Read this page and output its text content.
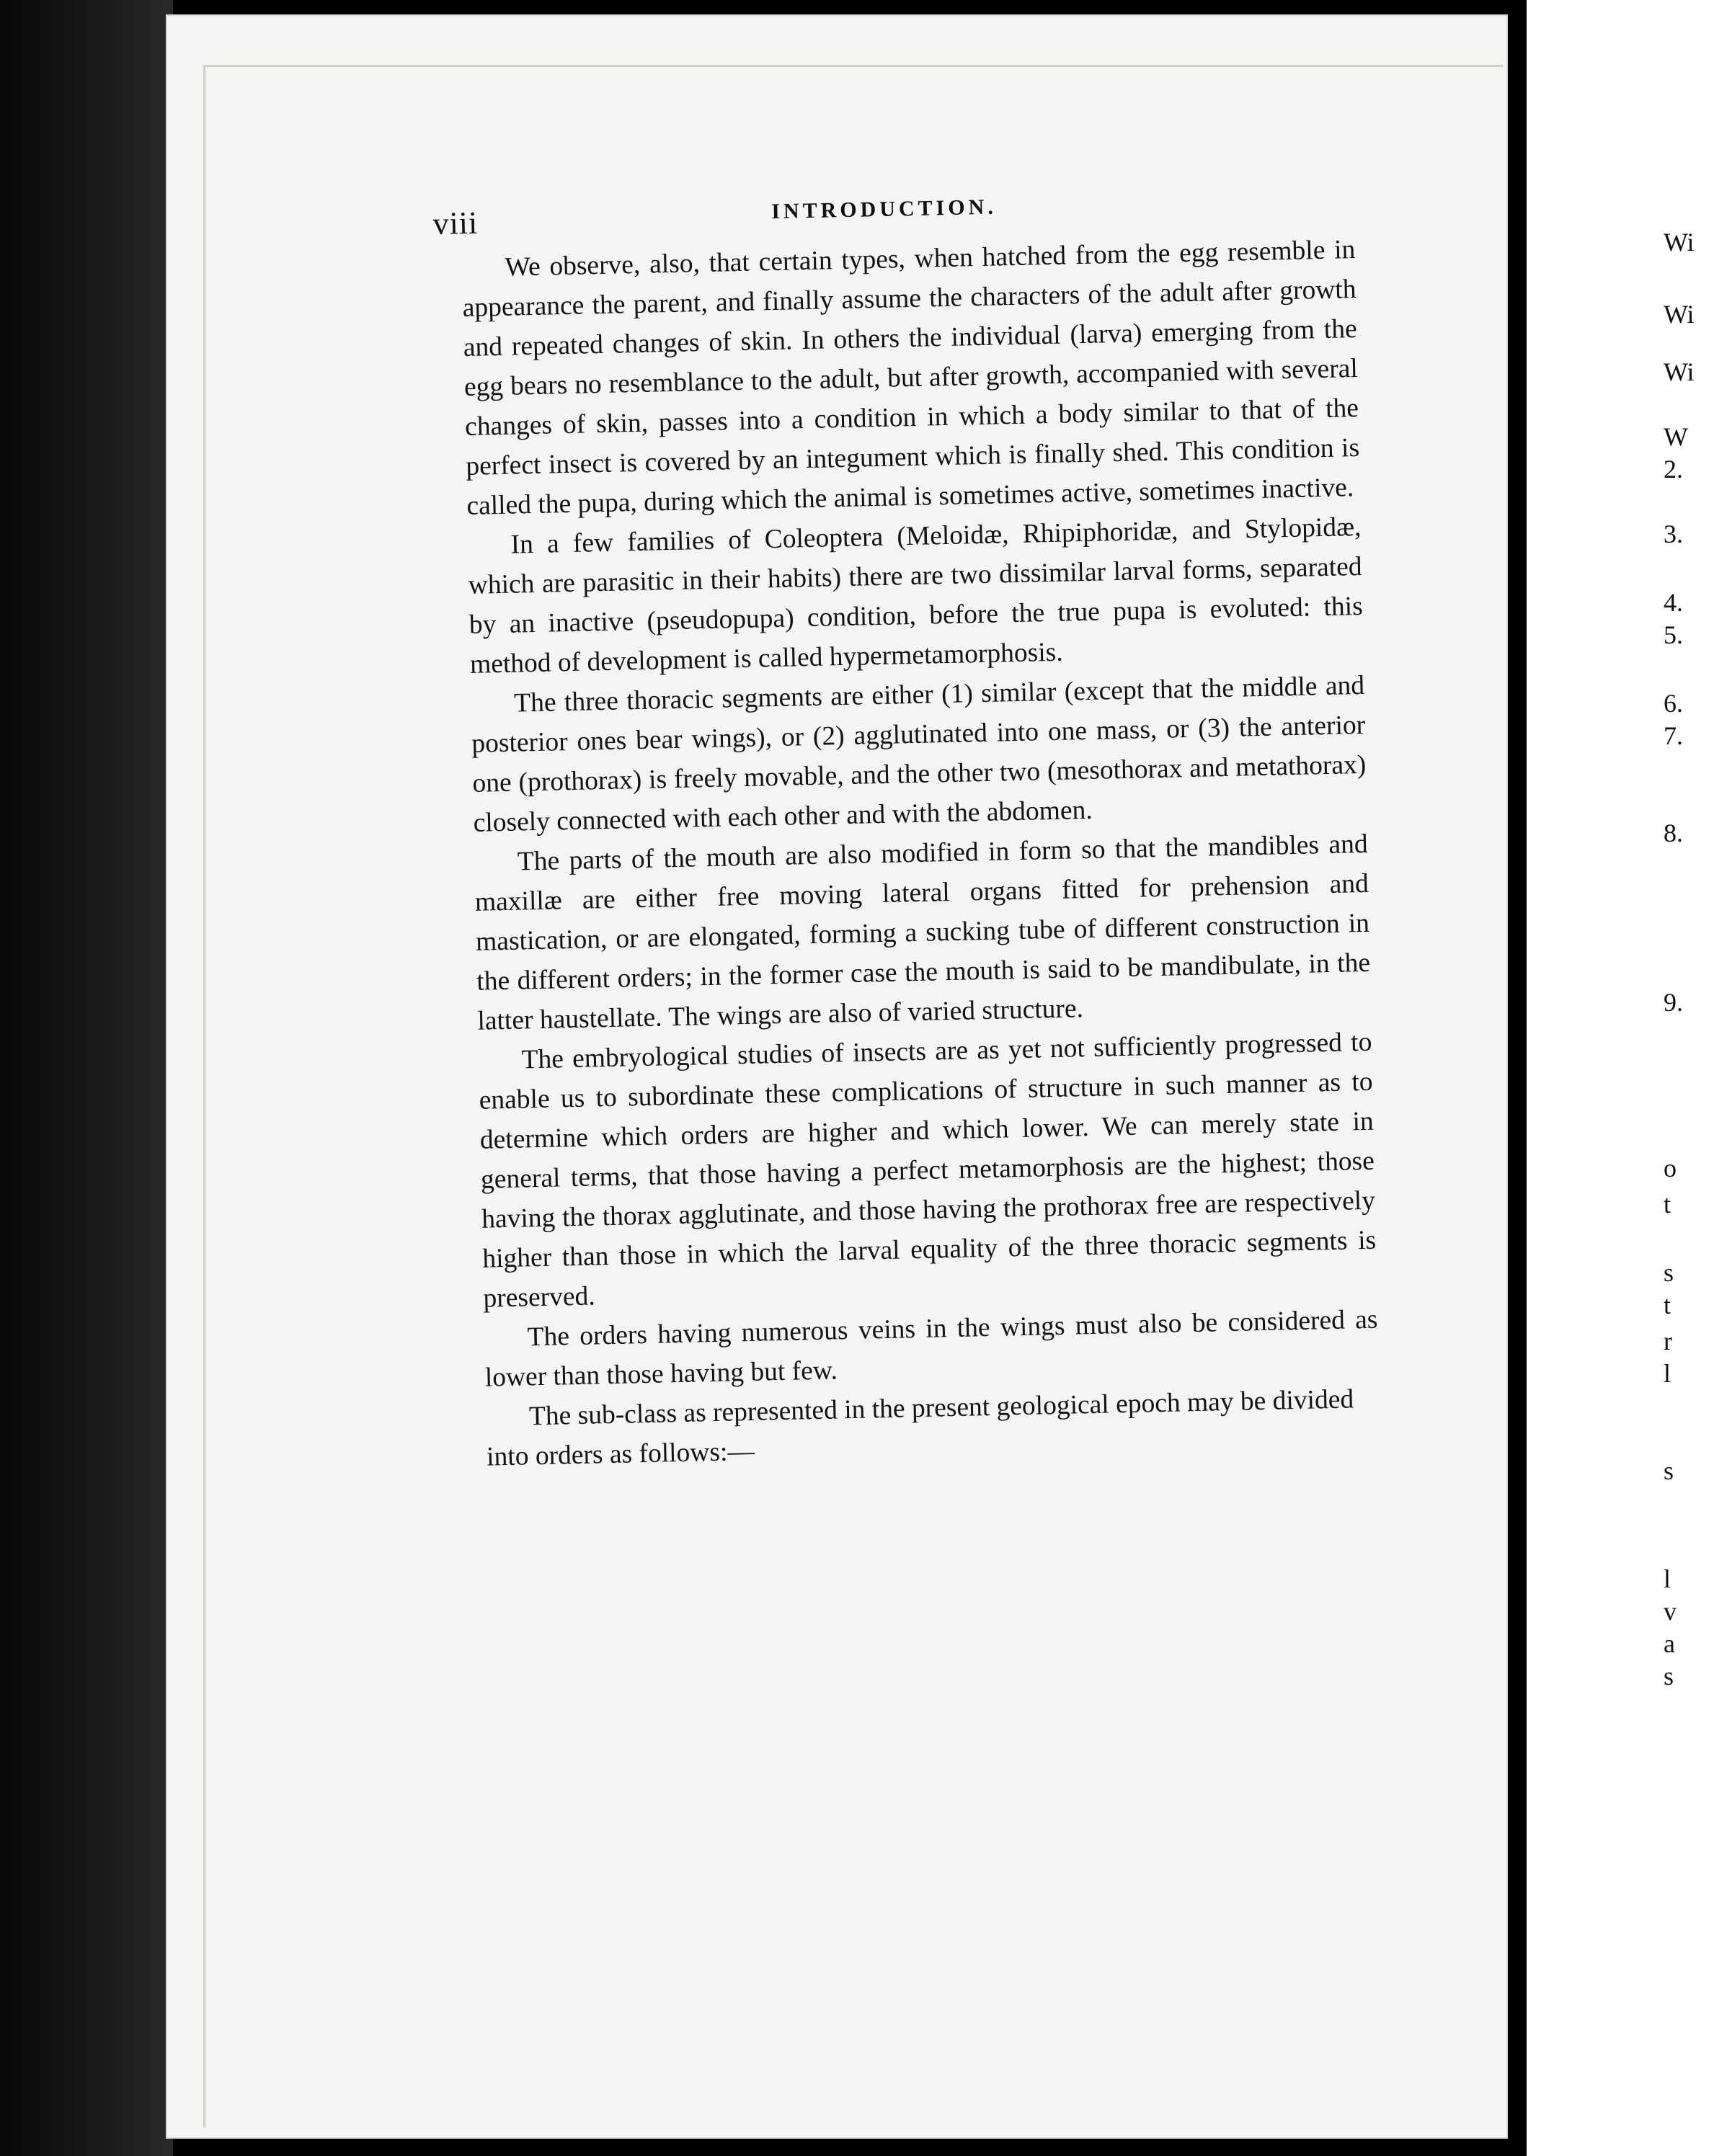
viii	INTRODUCTION.

We observe, also, that certain types, when hatched from the egg resemble in appearance the parent, and finally assume the characters of the adult after growth and repeated changes of skin. In others the individual (larva) emerging from the egg bears no resemblance to the adult, but after growth, accompanied with several changes of skin, passes into a condition in which a body similar to that of the perfect insect is covered by an integument which is finally shed. This condition is called the pupa, during which the animal is sometimes active, sometimes inactive.

In a few families of Coleoptera (Meloidæ, Rhipiphoridæ, and Stylopidæ, which are parasitic in their habits) there are two dissimilar larval forms, separated by an inactive (pseudopupa) condition, before the true pupa is evoluted: this method of development is called hypermetamorphosis.

The three thoracic segments are either (1) similar (except that the middle and posterior ones bear wings), or (2) agglutinated into one mass, or (3) the anterior one (prothorax) is freely movable, and the other two (mesothorax and metathorax) closely connected with each other and with the abdomen.

The parts of the mouth are also modified in form so that the mandibles and maxillæ are either free moving lateral organs fitted for prehension and mastication, or are elongated, forming a sucking tube of different construction in the different orders; in the former case the mouth is said to be mandibulate, in the latter haustellate. The wings are also of varied structure.

The embryological studies of insects are as yet not sufficiently progressed to enable us to subordinate these complications of structure in such manner as to determine which orders are higher and which lower. We can merely state in general terms, that those having a perfect metamorphosis are the highest; those having the thorax agglutinate, and those having the prothorax free are respectively higher than those in which the larval equality of the three thoracic segments is preserved.

The orders having numerous veins in the wings must also be considered as lower than those having but few.

The sub-class as represented in the present geological epoch may be divided into orders as follows:—

Wi
Wi
Wi
W
2.
3.
4.
5.
6.
7.
8.
9.
o
t
s
t
r
l
s
l
v
a
s
